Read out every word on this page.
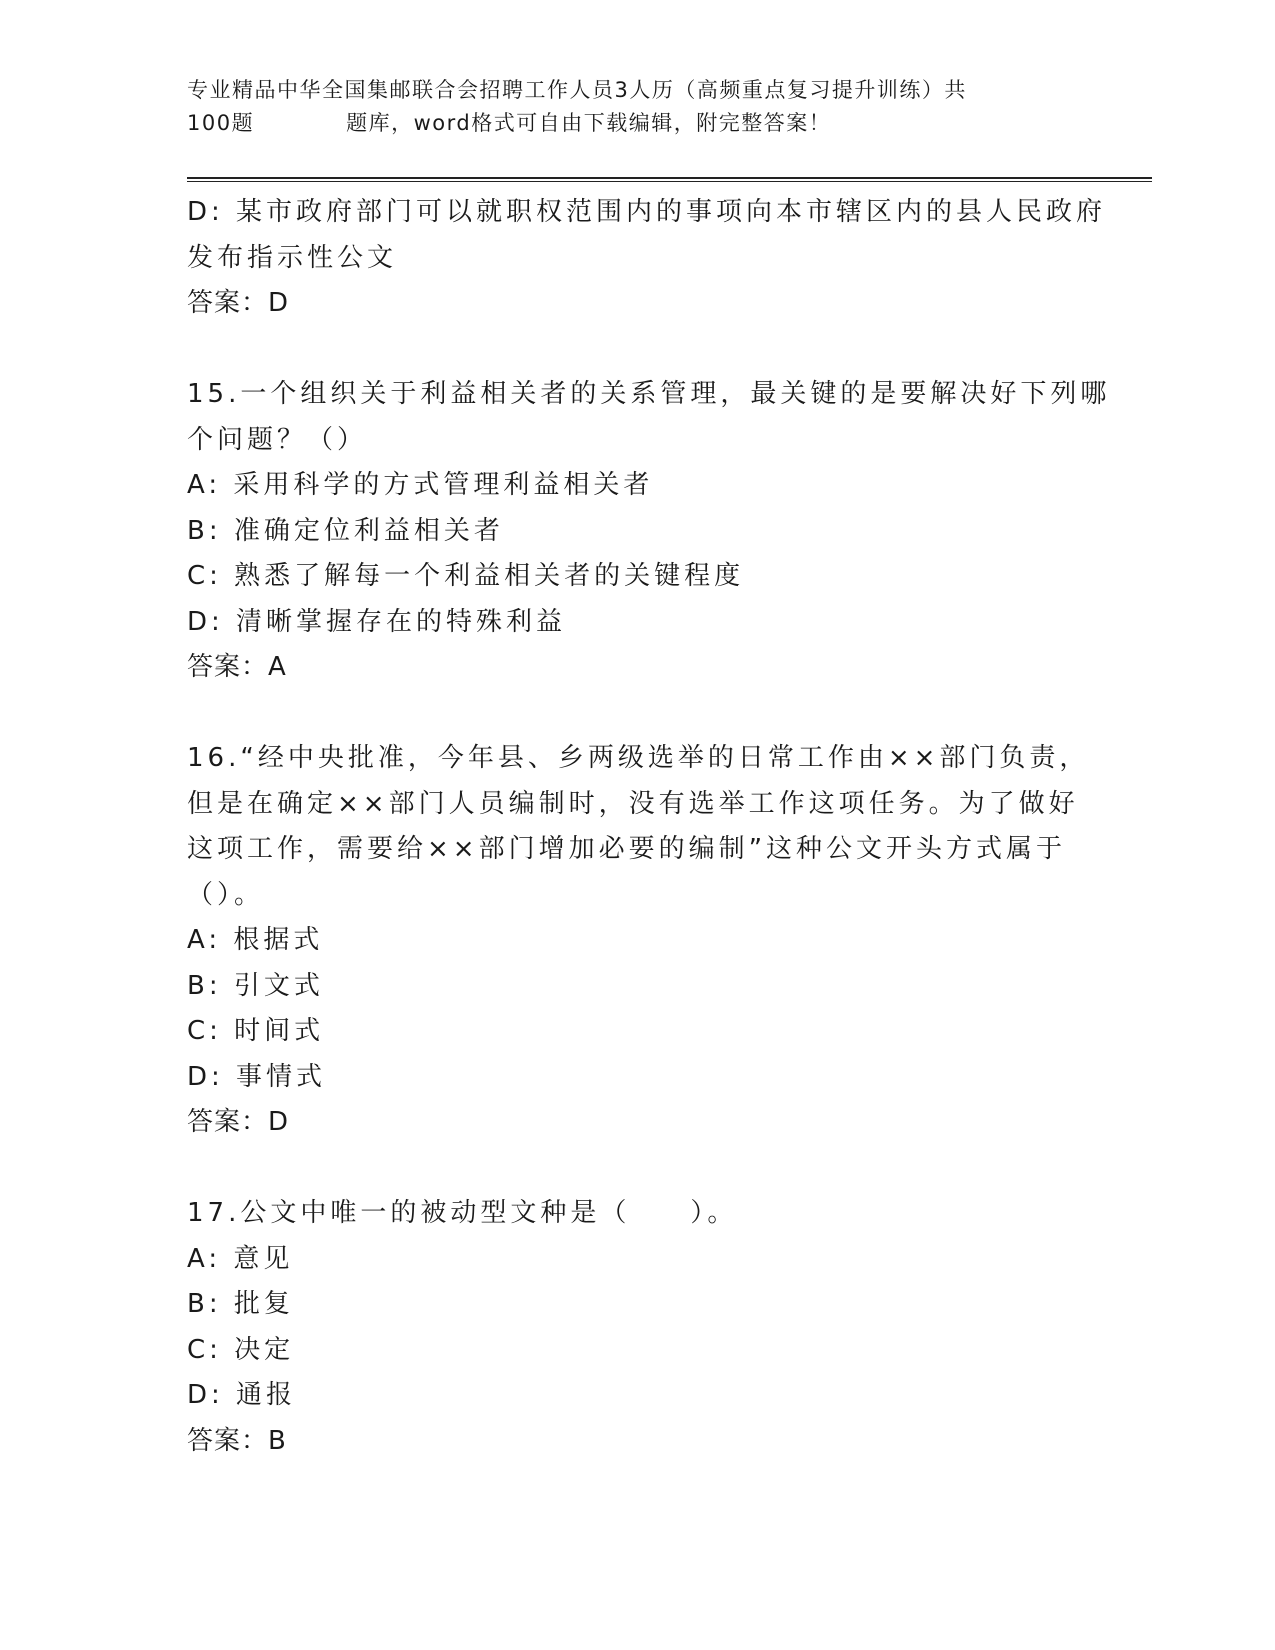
专业精品中华全国集邮联合会招聘工作人员3人历（高频重点复习提升训练）共
100题	题库，word格式可自由下载编辑，附完整答案！
D: 某市政府部门可以就职权范围内的事项向本市辖区内的县人民政府
发布指示性公文
答案：D
15.一个组织关于利益相关者的关系管理，最关键的是要解决好下列哪
个问题？（）
A: 采用科学的方式管理利益相关者
B: 准确定位利益相关者
C: 熟悉了解每一个利益相关者的关键程度
D: 清晰掌握存在的特殊利益
答案：A
16.“经中央批准，今年县、乡两级选举的日常工作由××部门负责，
但是在确定××部门人员编制时，没有选举工作这项任务。为了做好
这项工作，需要给××部门增加必要的编制”这种公文开头方式属于
（）。
A: 根据式
B: 引文式
C: 时间式
D: 事情式
答案：D
17.公文中唯一的被动型文种是（　　）。
A: 意见
B: 批复
C: 决定
D: 通报
答案：B
